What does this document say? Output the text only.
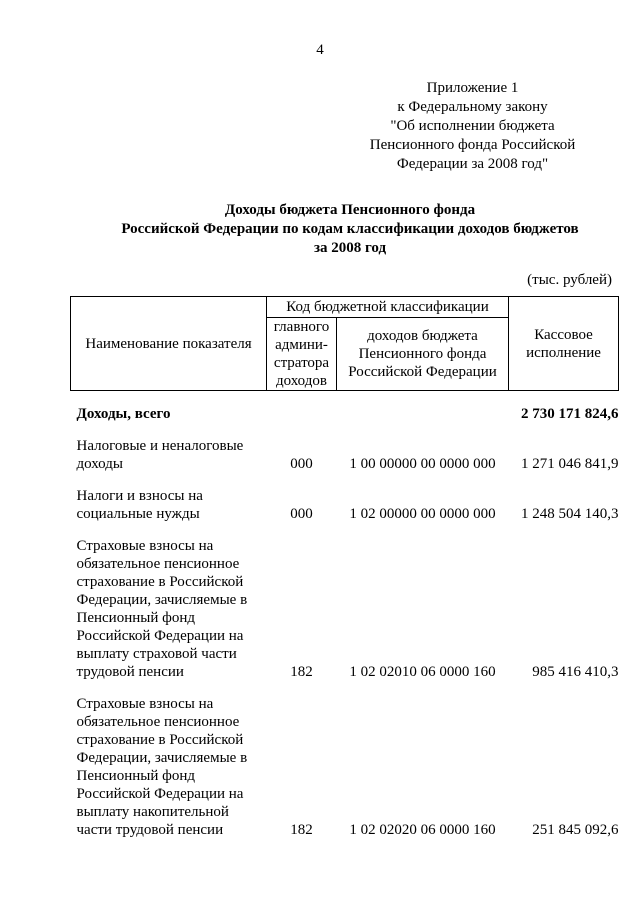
4
Приложение 1
к Федеральному закону
"Об исполнении бюджета
Пенсионного фонда Российской
Федерации за 2008 год"
Доходы бюджета Пенсионного фонда
Российской Федерации по кодам классификации доходов бюджетов
за 2008 год
(тыс. рублей)
Наименование показателя	Код бюджетной классификации		Кассовое исполнение
	главного админи-стратора доходов	доходов бюджета Пенсионного фонда Российской Федерации	

Доходы, всего			2 730 171 824,6

Налоговые и неналоговые доходы	000	1 00 00000 00 0000 000	1 271 046 841,9

Налоги и взносы на социальные нужды	000	1 02 00000 00 0000 000	1 248 504 140,3

Страховые взносы на обязательное пенсионное страхование в Российской Федерации, зачисляемые в Пенсионный фонд Российской Федерации на выплату страховой части трудовой пенсии	182	1 02 02010 06 0000 160	985 416 410,3

Страховые взносы на обязательное пенсионное страхование в Российской Федерации, зачисляемые в Пенсионный фонд Российской Федерации на выплату накопительной части трудовой пенсии	182	1 02 02020 06 0000 160	251 845 092,6
